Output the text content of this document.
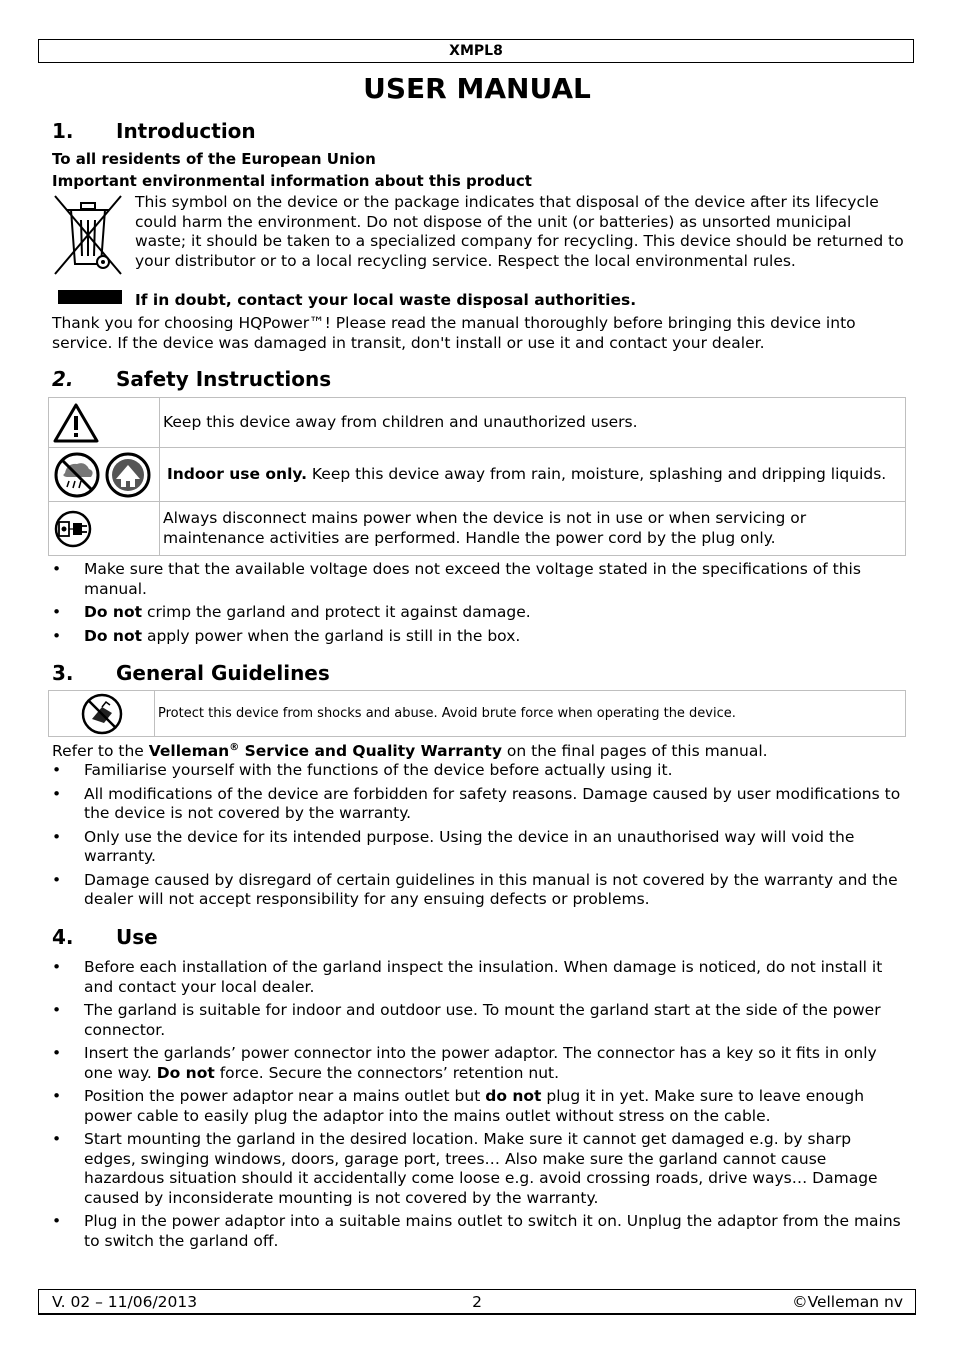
XMPL8
USER MANUAL
1. Introduction
To all residents of the European Union
Important environmental information about this product
This symbol on the device or the package indicates that disposal of the device after its lifecycle could harm the environment. Do not dispose of the unit (or batteries) as unsorted municipal waste; it should be taken to a specialized company for recycling. This device should be returned to your distributor or to a local recycling service. Respect the local environmental rules.
If in doubt, contact your local waste disposal authorities.
Thank you for choosing HQPower™! Please read the manual thoroughly before bringing this device into service. If the device was damaged in transit, don't install or use it and contact your dealer.
2. Safety Instructions
	Keep this device away from children and unauthorized users.

	Indoor use only. Keep this device away from rain, moisture, splashing and dripping liquids.

	Always disconnect mains power when the device is not in use or when servicing or maintenance activities are performed. Handle the power cord by the plug only.
• Make sure that the available voltage does not exceed the voltage stated in the specifications of this manual.
• Do not crimp the garland and protect it against damage.
• Do not apply power when the garland is still in the box.
3. General Guidelines
	Protect this device from shocks and abuse. Avoid brute force when operating the device.
Refer to the Velleman® Service and Quality Warranty on the final pages of this manual.
• Familiarise yourself with the functions of the device before actually using it.
• All modifications of the device are forbidden for safety reasons. Damage caused by user modifications to the device is not covered by the warranty.
• Only use the device for its intended purpose. Using the device in an unauthorised way will void the warranty.
• Damage caused by disregard of certain guidelines in this manual is not covered by the warranty and the dealer will not accept responsibility for any ensuing defects or problems.
4. Use
• Before each installation of the garland inspect the insulation. When damage is noticed, do not install it and contact your local dealer.
• The garland is suitable for indoor and outdoor use. To mount the garland start at the side of the power connector.
• Insert the garlands’ power connector into the power adaptor. The connector has a key so it fits in only one way. Do not force. Secure the connectors’ retention nut.
• Position the power adaptor near a mains outlet but do not plug it in yet. Make sure to leave enough power cable to easily plug the adaptor into the mains outlet without stress on the cable.
• Start mounting the garland in the desired location. Make sure it cannot get damaged e.g. by sharp edges, swinging windows, doors, garage port, trees… Also make sure the garland cannot cause hazardous situation should it accidentally come loose e.g. avoid crossing roads, drive ways… Damage caused by inconsiderate mounting is not covered by the warranty.
• Plug in the power adaptor into a suitable mains outlet to switch it on. Unplug the adaptor from the mains to switch the garland off.
2
V. 02 – 11/06/2013	©Velleman nv
